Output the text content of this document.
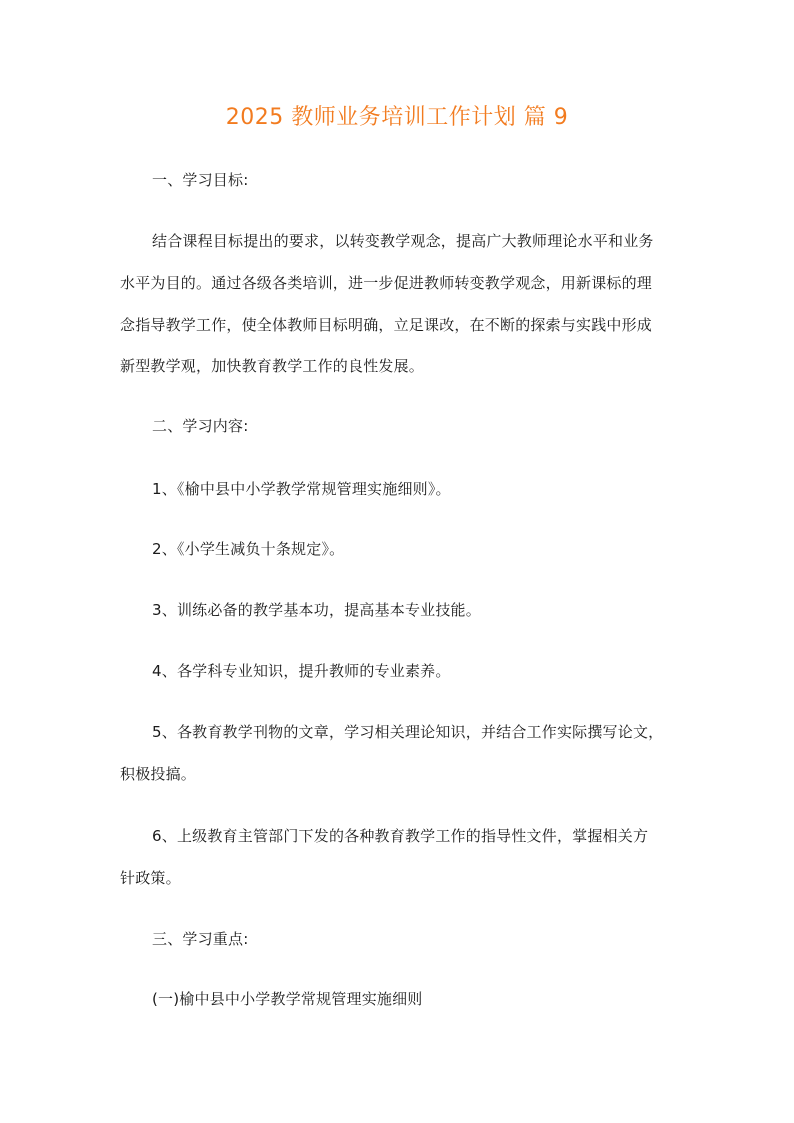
2025 教师业务培训工作计划 篇 9
一、学习目标:
结合课程目标提出的要求，以转变教学观念，提高广大教师理论水平和业务
水平为目的。通过各级各类培训，进一步促进教师转变教学观念，用新课标的理
念指导教学工作，使全体教师目标明确，立足课改，在不断的探索与实践中形成
新型教学观，加快教育教学工作的良性发展。
二、学习内容:
1、《榆中县中小学教学常规管理实施细则》。
2、《小学生减负十条规定》。
3、训练必备的教学基本功，提高基本专业技能。
4、各学科专业知识，提升教师的专业素养。
5、各教育教学刊物的文章，学习相关理论知识，并结合工作实际撰写论文，
积极投搞。
6、上级教育主管部门下发的各种教育教学工作的指导性文件，掌握相关方
针政策。
三、学习重点:
(一)榆中县中小学教学常规管理实施细则
